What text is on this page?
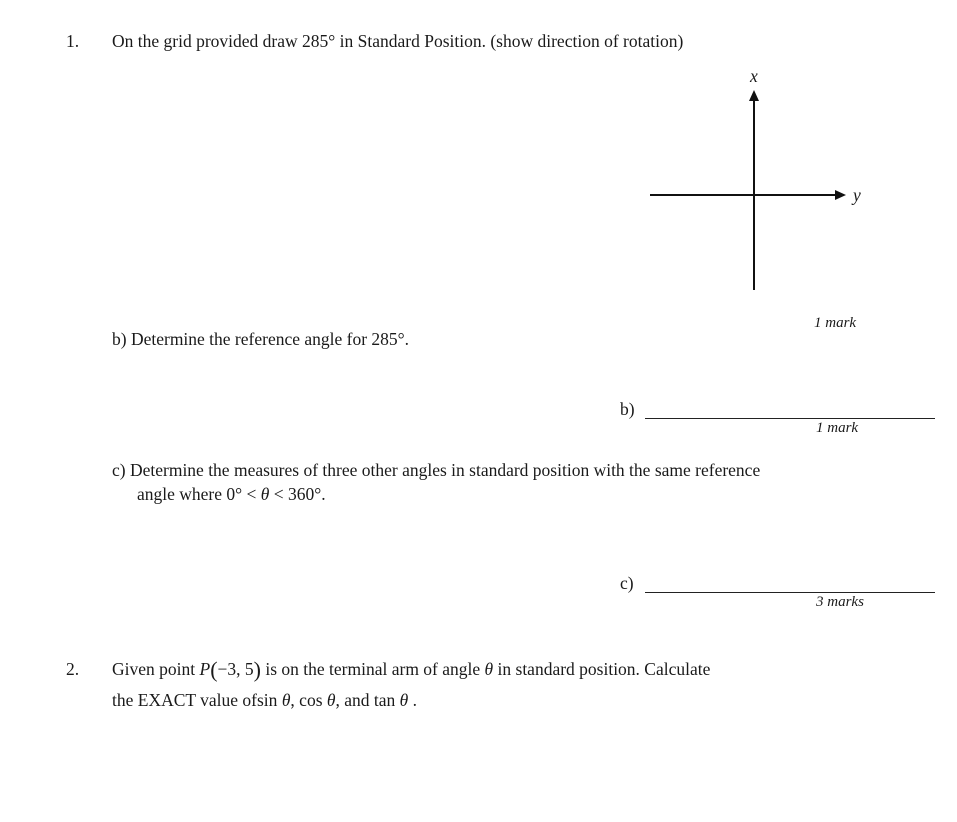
1. On the grid provided draw 285° in Standard Position. (show direction of rotation)
x
y
1 mark
b) Determine the reference angle for 285°.
b)
1 mark
c) Determine the measures of three other angles in standard position with the same reference
angle where 0° < θ < 360°.
c)
3 marks
2. Given point P(−3, 5) is on the terminal arm of angle θ in standard position. Calculate
the EXACT value ofsin θ, cos θ, and tan θ .
